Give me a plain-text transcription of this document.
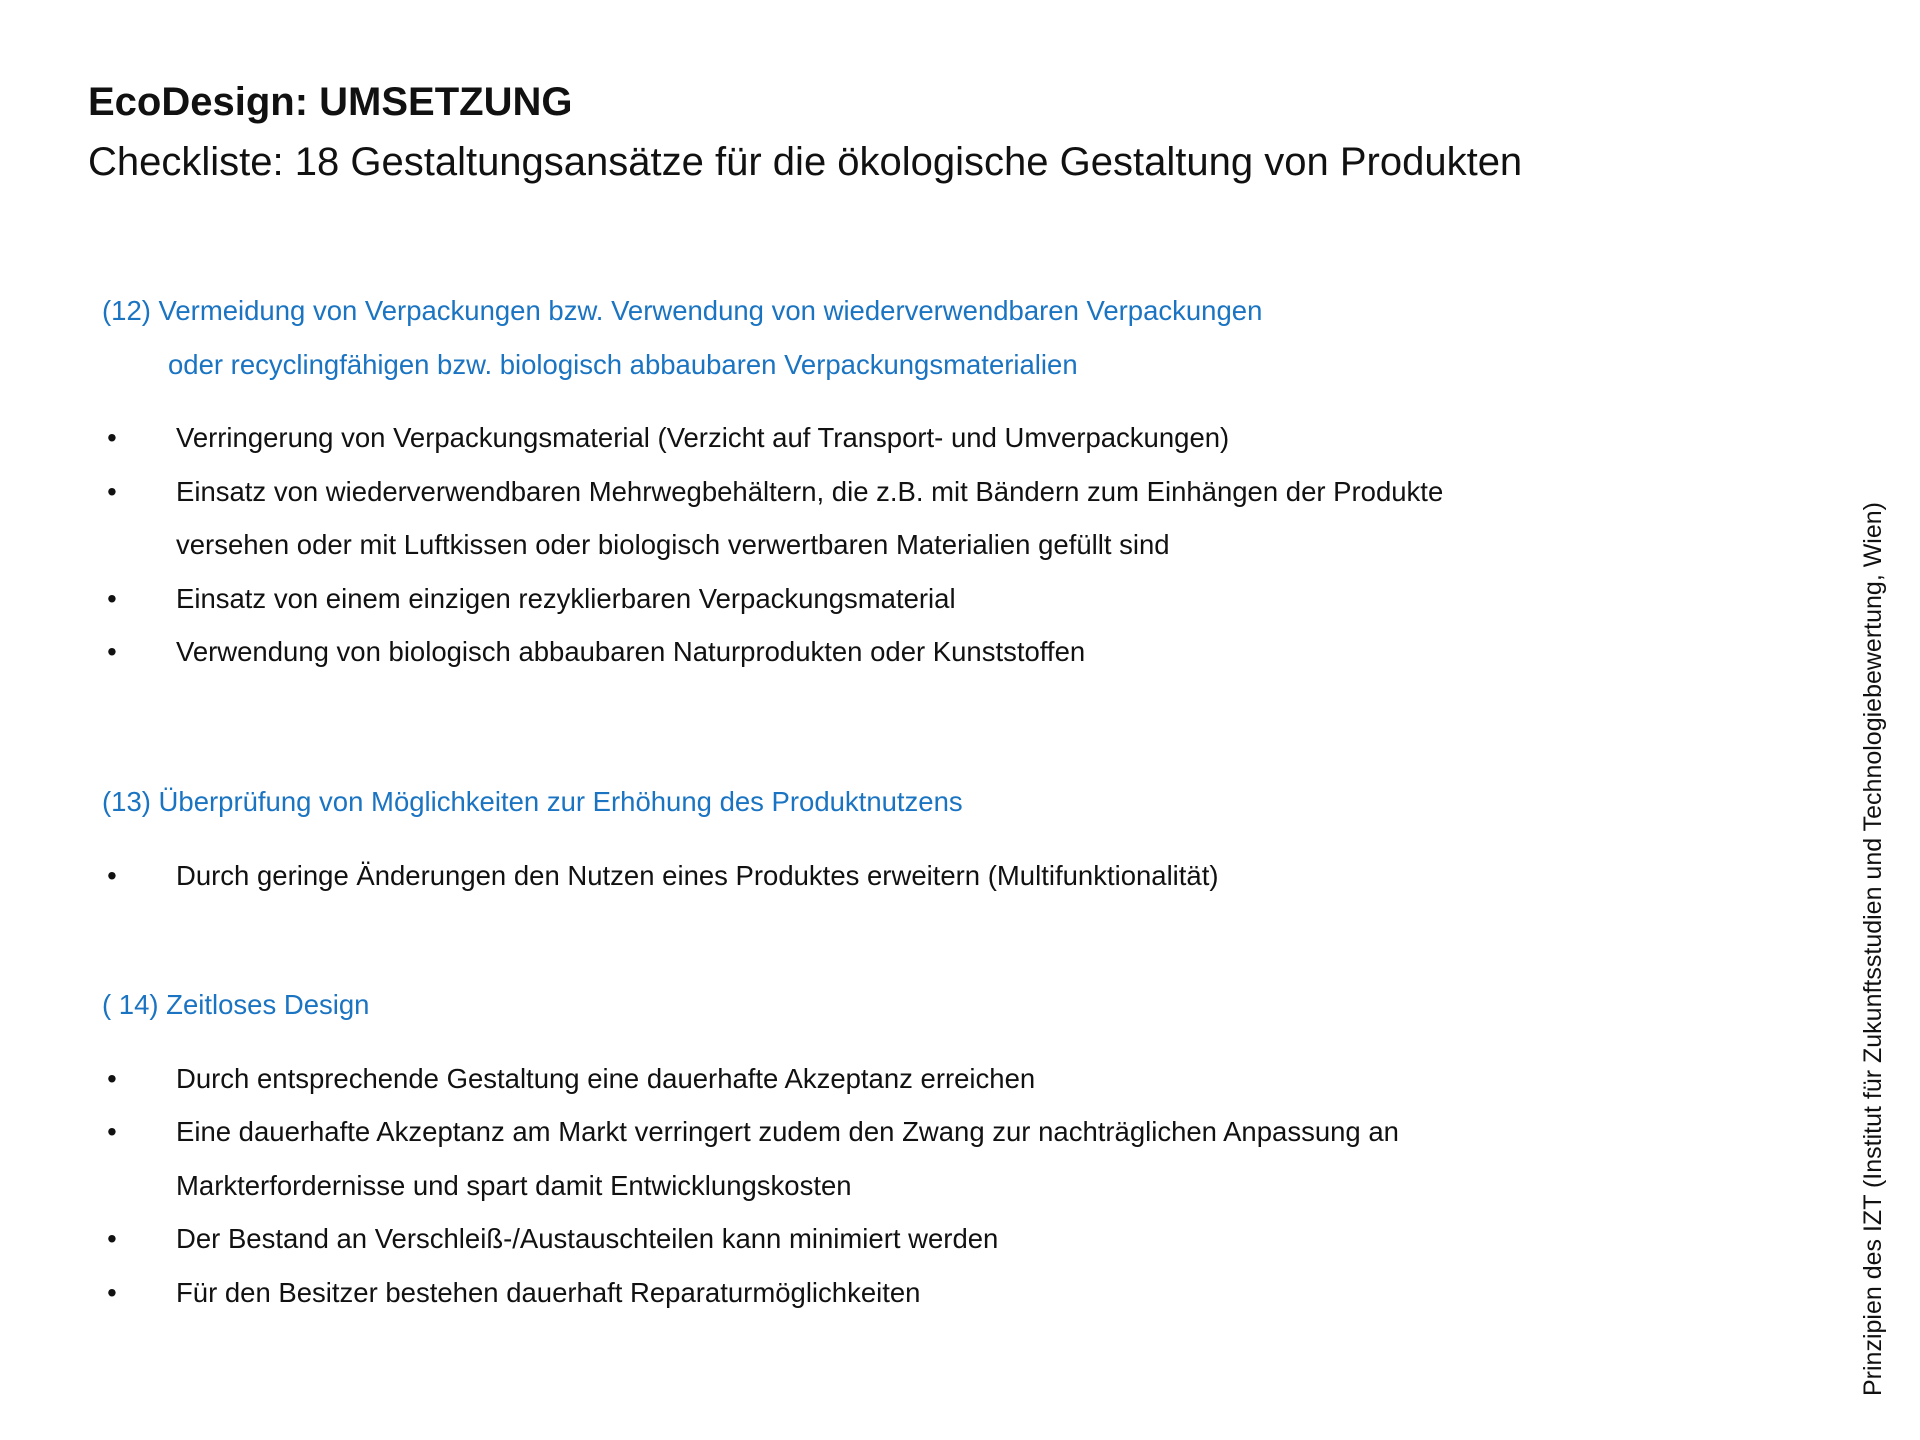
EcoDesign: UMSETZUNG
Checkliste: 18 Gestaltungsansätze für die ökologische Gestaltung von Produkten
(12) Vermeidung von Verpackungen bzw. Verwendung von wiederverwendbaren Verpackungen
oder recyclingfähigen bzw. biologisch abbaubaren Verpackungsmaterialien
• Verringerung von Verpackungsmaterial (Verzicht auf Transport- und Umverpackungen)
• Einsatz von wiederverwendbaren Mehrwegbehältern, die z.B. mit Bändern zum Einhängen der Produkte versehen oder mit Luftkissen oder biologisch verwertbaren Materialien gefüllt sind
• Einsatz von einem einzigen rezyklierbaren Verpackungsmaterial
• Verwendung von biologisch abbaubaren Naturprodukten oder Kunststoffen
(13) Überprüfung von Möglichkeiten zur Erhöhung des Produktnutzens
• Durch geringe Änderungen den Nutzen eines Produktes erweitern (Multifunktionalität)
( 14) Zeitloses Design
• Durch entsprechende Gestaltung eine dauerhafte Akzeptanz erreichen
• Eine dauerhafte Akzeptanz am Markt verringert zudem den Zwang zur nachträglichen Anpassung an Markterfordernisse und spart damit Entwicklungskosten
• Der Bestand an Verschleiß-/Austauschteilen kann minimiert werden
• Für den Besitzer bestehen dauerhaft Reparaturmöglichkeiten	Prinzipien des IZT (Institut für Zukunftsstudien und Technologiebewertung, Wien)
